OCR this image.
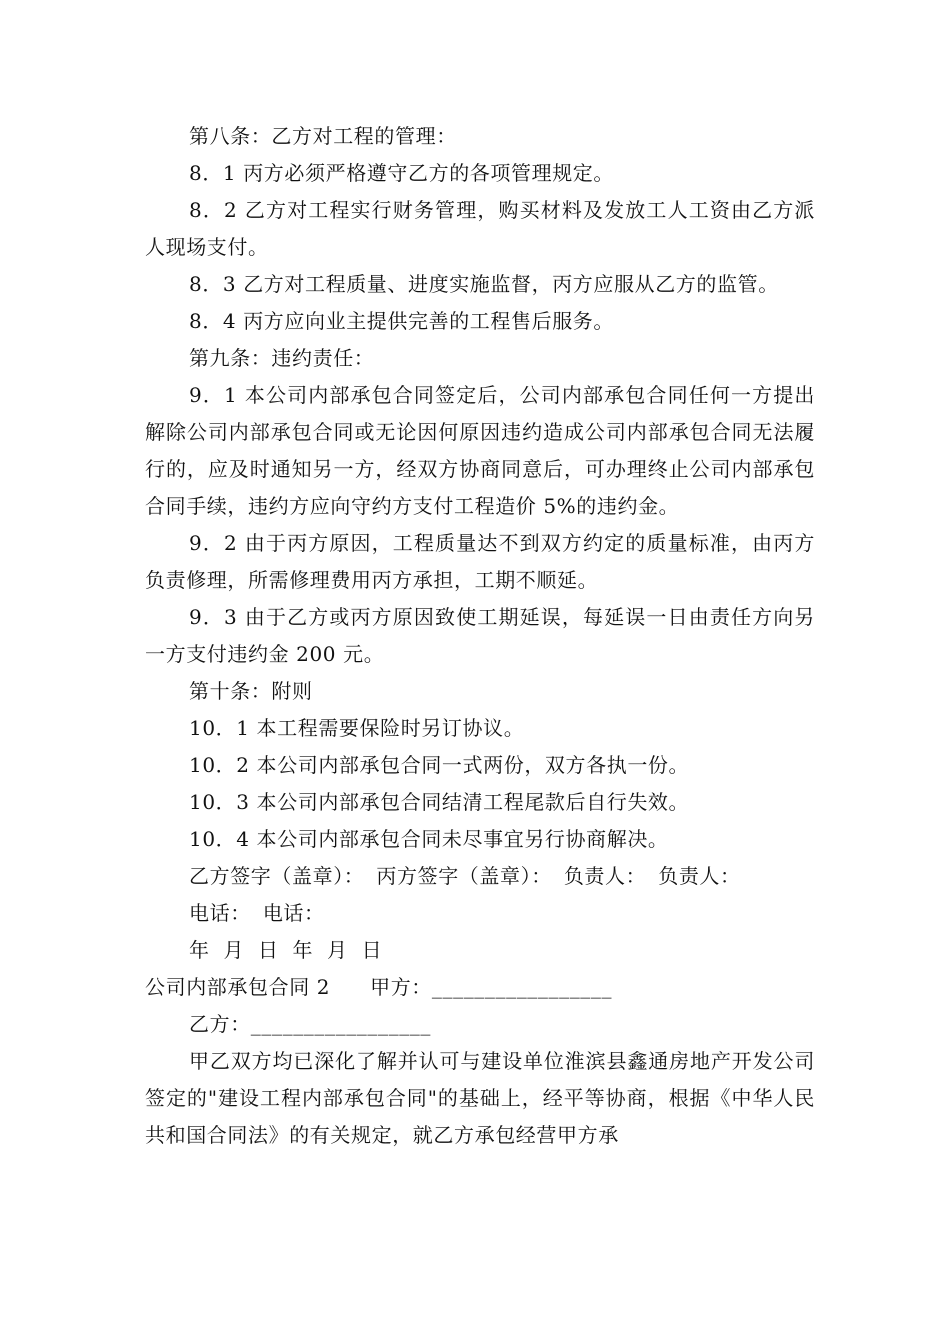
第八条：乙方对工程的管理：

8．1 丙方必须严格遵守乙方的各项管理规定。

8．2 乙方对工程实行财务管理，购买材料及发放工人工资由乙方派人现场支付。

8．3 乙方对工程质量、进度实施监督，丙方应服从乙方的监管。

8．4 丙方应向业主提供完善的工程售后服务。

第九条：违约责任：

9．1 本公司内部承包合同签定后，公司内部承包合同任何一方提出解除公司内部承包合同或无论因何原因违约造成公司内部承包合同无法履行的，应及时通知另一方，经双方协商同意后，可办理终止公司内部承包合同手续，违约方应向守约方支付工程造价 5%的违约金。

9．2 由于丙方原因，工程质量达不到双方约定的质量标准，由丙方负责修理，所需修理费用丙方承担，工期不顺延。

9．3 由于乙方或丙方原因致使工期延误，每延误一日由责任方向另一方支付违约金 200 元。

第十条：附则

10．1 本工程需要保险时另订协议。

10．2 本公司内部承包合同一式两份，双方各执一份。

10．3 本公司内部承包合同结清工程尾款后自行失效。

10．4 本公司内部承包合同未尽事宜另行协商解决。

乙方签字（盖章）： 丙方签字（盖章）： 负责人： 负责人：

电话： 电话：

年  月  日  年  月  日

公司内部承包合同 2 甲方：_________________

乙方：_________________

甲乙双方均已深化了解并认可与建设单位淮滨县鑫通房地产开发公司签定的"建设工程内部承包合同"的基础上，经平等协商，根据《中华人民共和国合同法》的有关规定，就乙方承包经营甲方承
